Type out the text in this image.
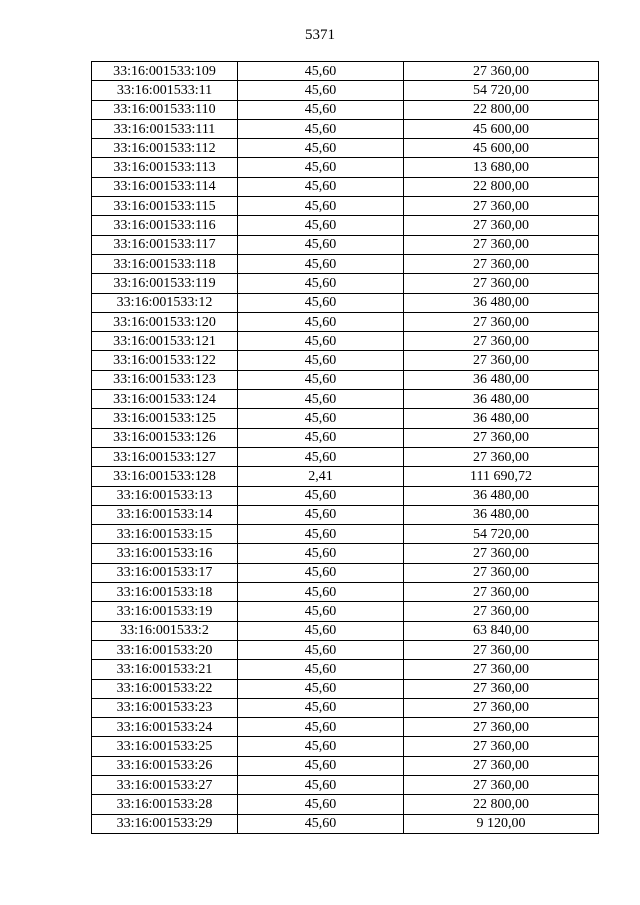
5371
33:16:001533:109	45,60	27 360,00
33:16:001533:11	45,60	54 720,00
33:16:001533:110	45,60	22 800,00
33:16:001533:111	45,60	45 600,00
33:16:001533:112	45,60	45 600,00
33:16:001533:113	45,60	13 680,00
33:16:001533:114	45,60	22 800,00
33:16:001533:115	45,60	27 360,00
33:16:001533:116	45,60	27 360,00
33:16:001533:117	45,60	27 360,00
33:16:001533:118	45,60	27 360,00
33:16:001533:119	45,60	27 360,00
33:16:001533:12	45,60	36 480,00
33:16:001533:120	45,60	27 360,00
33:16:001533:121	45,60	27 360,00
33:16:001533:122	45,60	27 360,00
33:16:001533:123	45,60	36 480,00
33:16:001533:124	45,60	36 480,00
33:16:001533:125	45,60	36 480,00
33:16:001533:126	45,60	27 360,00
33:16:001533:127	45,60	27 360,00
33:16:001533:128	2,41	111 690,72
33:16:001533:13	45,60	36 480,00
33:16:001533:14	45,60	36 480,00
33:16:001533:15	45,60	54 720,00
33:16:001533:16	45,60	27 360,00
33:16:001533:17	45,60	27 360,00
33:16:001533:18	45,60	27 360,00
33:16:001533:19	45,60	27 360,00
33:16:001533:2	45,60	63 840,00
33:16:001533:20	45,60	27 360,00
33:16:001533:21	45,60	27 360,00
33:16:001533:22	45,60	27 360,00
33:16:001533:23	45,60	27 360,00
33:16:001533:24	45,60	27 360,00
33:16:001533:25	45,60	27 360,00
33:16:001533:26	45,60	27 360,00
33:16:001533:27	45,60	27 360,00
33:16:001533:28	45,60	22 800,00
33:16:001533:29	45,60	9 120,00
